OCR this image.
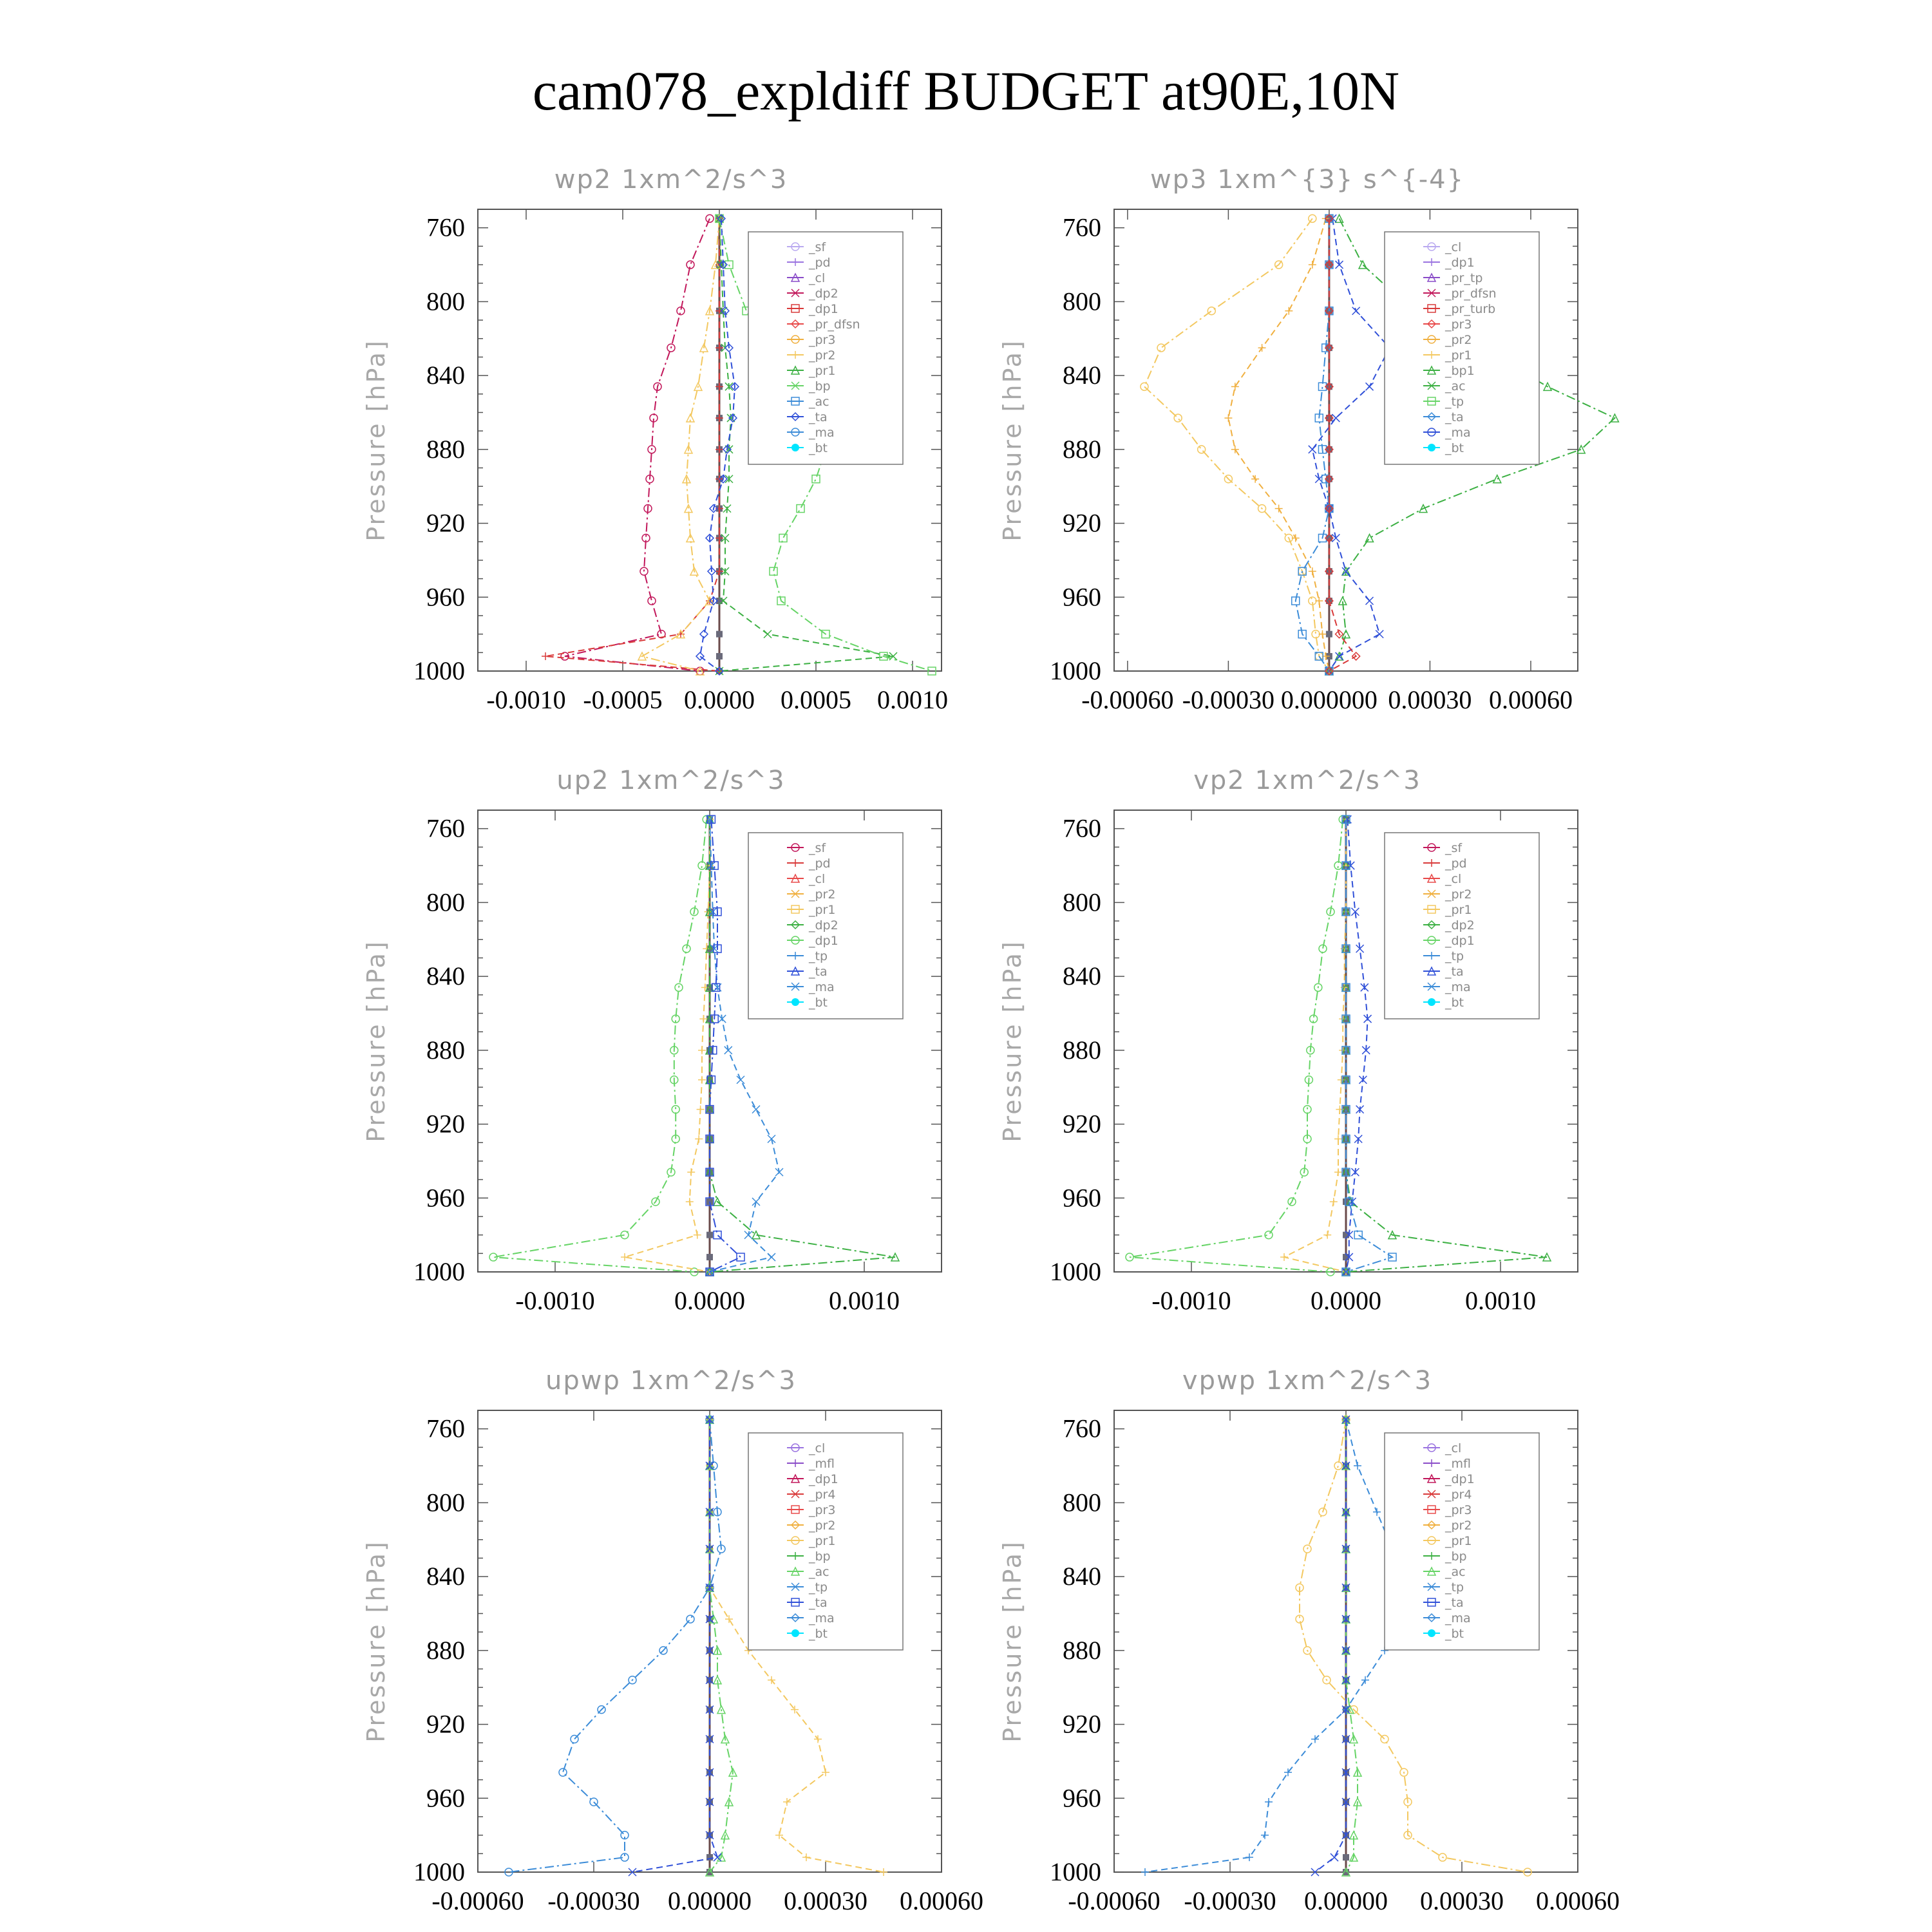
cam078_expldiff BUDGET at90E,10N
wp2 1xm^2/s^3
Pressure [hPa]
760
800
840
880
920
960
1000
-0.0010 -0.0005 0.0000 0.0005 0.0010
_sf
_pd
_cl
_dp2
_dp1
_pr_dfsn
_pr3
_pr2
_pr1
_bp
_ac
_ta
_ma
_bt
wp3 1xm^{3} s^{-4}
Pressure [hPa]
760
800
840
880
920
960
1000
-0.00060 -0.00030 0.000000 0.00030 0.00060
_cl
_dp1
_pr_tp
_pr_dfsn
_pr_turb
_pr3
_pr2
_pr1
_bp1
_ac
_tp
_ta
_ma
_bt
up2 1xm^2/s^3
Pressure [hPa]
760
800
840
880
920
960
1000
-0.0010	0.0000	0.0010
_sf
_pd
_cl
_pr2
_pr1
_dp2
_dp1
_tp
_ta
_ma
_bt
vp2 1xm^2/s^3
Pressure [hPa]
760
800
840
880
920
960
1000
-0.0010	0.0000	0.0010
_sf
_pd
_cl
_pr2
_pr1
_dp2
_dp1
_tp
_ta
_ma
_bt
upwp 1xm^2/s^3
Pressure [hPa]
760
800
840
880
920
960
1000
-0.00060 -0.00030 0.00000 0.00030 0.00060
_cl
_mfl
_dp1
_pr4
_pr3
_pr2
_pr1
_bp
_ac
_tp
_ta
_ma
_bt
vpwp 1xm^2/s^3
Pressure [hPa]
760
800
840
880
920
960
1000
-0.00060 -0.00030 0.00000 0.00030 0.00060
_cl
_mfl
_dp1
_pr4
_pr3
_pr2
_pr1
_bp
_ac
_tp
_ta
_ma
_bt
